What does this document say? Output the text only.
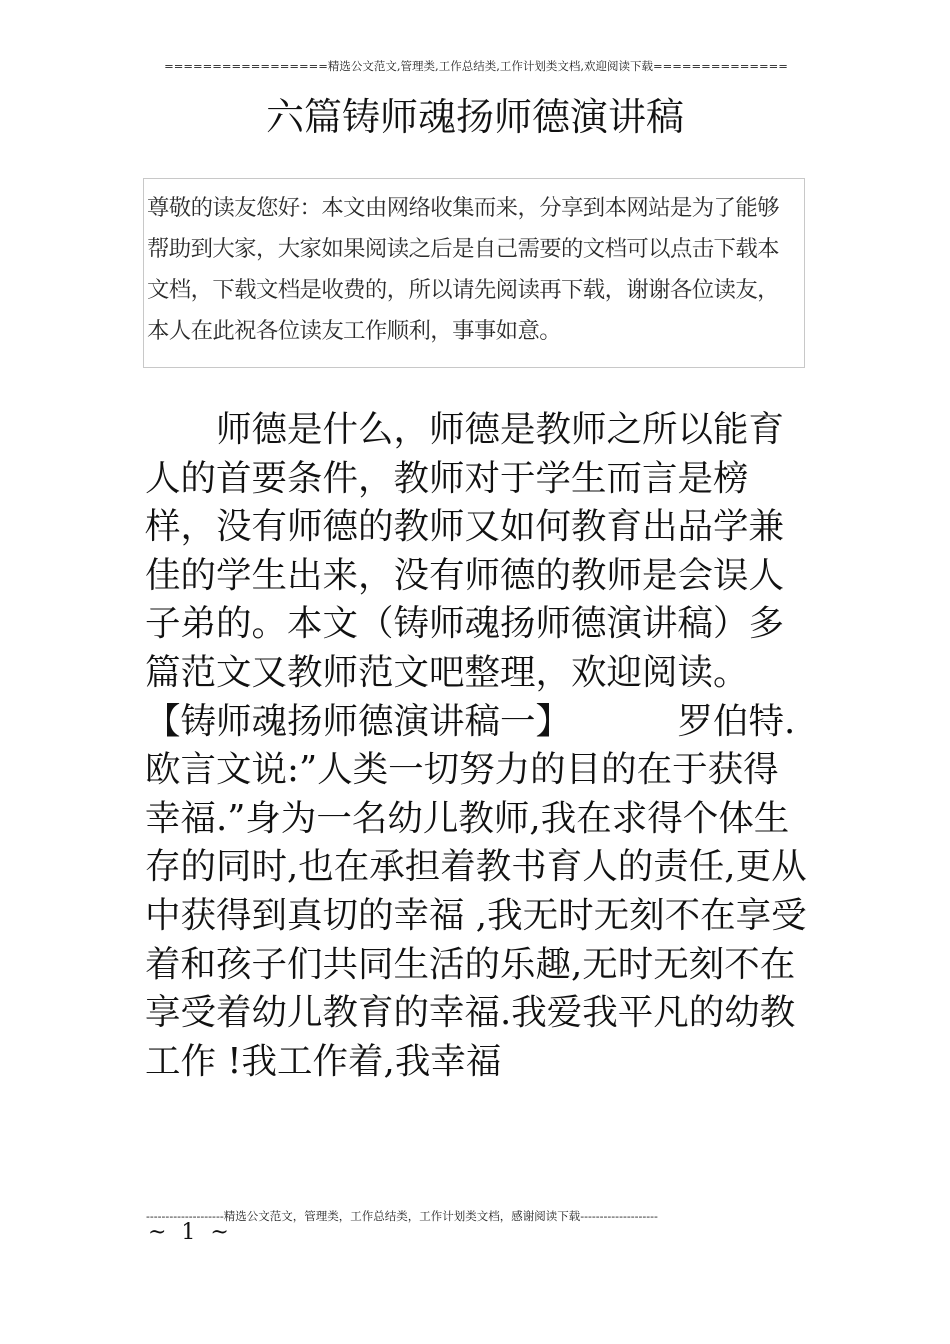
=================精选公文范文,管理类,工作总结类,工作计划类文档,欢迎阅读下载==============
六篇铸师魂扬师德演讲稿
尊敬的读友您好：本文由网络收集而来，分享到本网站是为了能够帮助到大家，大家如果阅读之后是自己需要的文档可以点击下载本文档，下载文档是收费的，所以请先阅读再下载，谢谢各位读友，本人在此祝各位读友工作顺利，事事如意。

师德是什么，师德是教师之所以能育人的首要条件，教师对于学生而言是榜样，没有师德的教师又如何教育出品学兼佳的学生出来，没有师德的教师是会误人子弟的。本文（铸师魂扬师德演讲稿）多篇范文又教师范文吧整理，欢迎阅读。

【铸师魂扬师德演讲稿一】   	罗伯特.欧言文说:”人类一切努力的目的在于获得幸福.”身为一名幼儿教师,我在求得个体生存的同时,也在承担着教书育人的责任,更从中获得到真切的幸福 ,我无时无刻不在享受着和孩子们共同生活的乐趣,无时无刻不在享受着幼儿教育的幸福.我爱我平凡的幼教工作 !我工作着,我幸福

--------------------精选公文范文，管理类，工作总结类，工作计划类文档，感谢阅读下载--------------------
~ 1 ~
